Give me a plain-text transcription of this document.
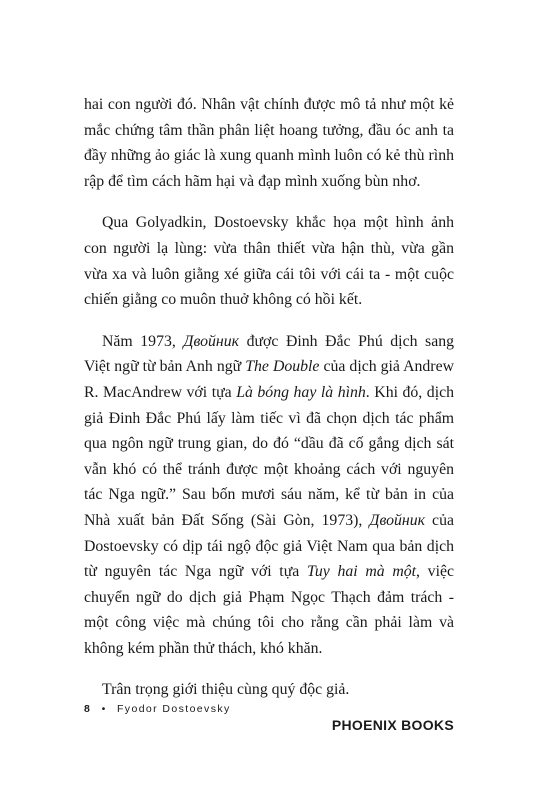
hai con người đó. Nhân vật chính được mô tả như một kẻ mắc chứng tâm thần phân liệt hoang tưởng, đầu óc anh ta đầy những ảo giác là xung quanh mình luôn có kẻ thù rình rập để tìm cách hãm hại và đạp mình xuống bùn nhơ.

Qua Golyadkin, Dostoevsky khắc họa một hình ảnh con người lạ lùng: vừa thân thiết vừa hận thù, vừa gần vừa xa và luôn giằng xé giữa cái tôi với cái ta - một cuộc chiến giằng co muôn thuở không có hồi kết.

Năm 1973, Двойник được Đinh Đắc Phú dịch sang Việt ngữ từ bản Anh ngữ The Double của dịch giả Andrew R. MacAndrew với tựa Là bóng hay là hình. Khi đó, dịch giả Đinh Đắc Phú lấy làm tiếc vì đã chọn dịch tác phẩm qua ngôn ngữ trung gian, do đó “dầu đã cố gắng dịch sát vẫn khó có thể tránh được một khoảng cách với nguyên tác Nga ngữ.” Sau bốn mươi sáu năm, kể từ bản in của Nhà xuất bản Đất Sống (Sài Gòn, 1973), Двойник của Dostoevsky có dịp tái ngộ độc giả Việt Nam qua bản dịch từ nguyên tác Nga ngữ với tựa Tuy hai mà một, việc chuyển ngữ do dịch giả Phạm Ngọc Thạch đảm trách - một công việc mà chúng tôi cho rằng cần phải làm và không kém phần thử thách, khó khăn.

Trân trọng giới thiệu cùng quý độc giả.

PHOENIX BOOKS

8 • Fyodor Dostoevsky
